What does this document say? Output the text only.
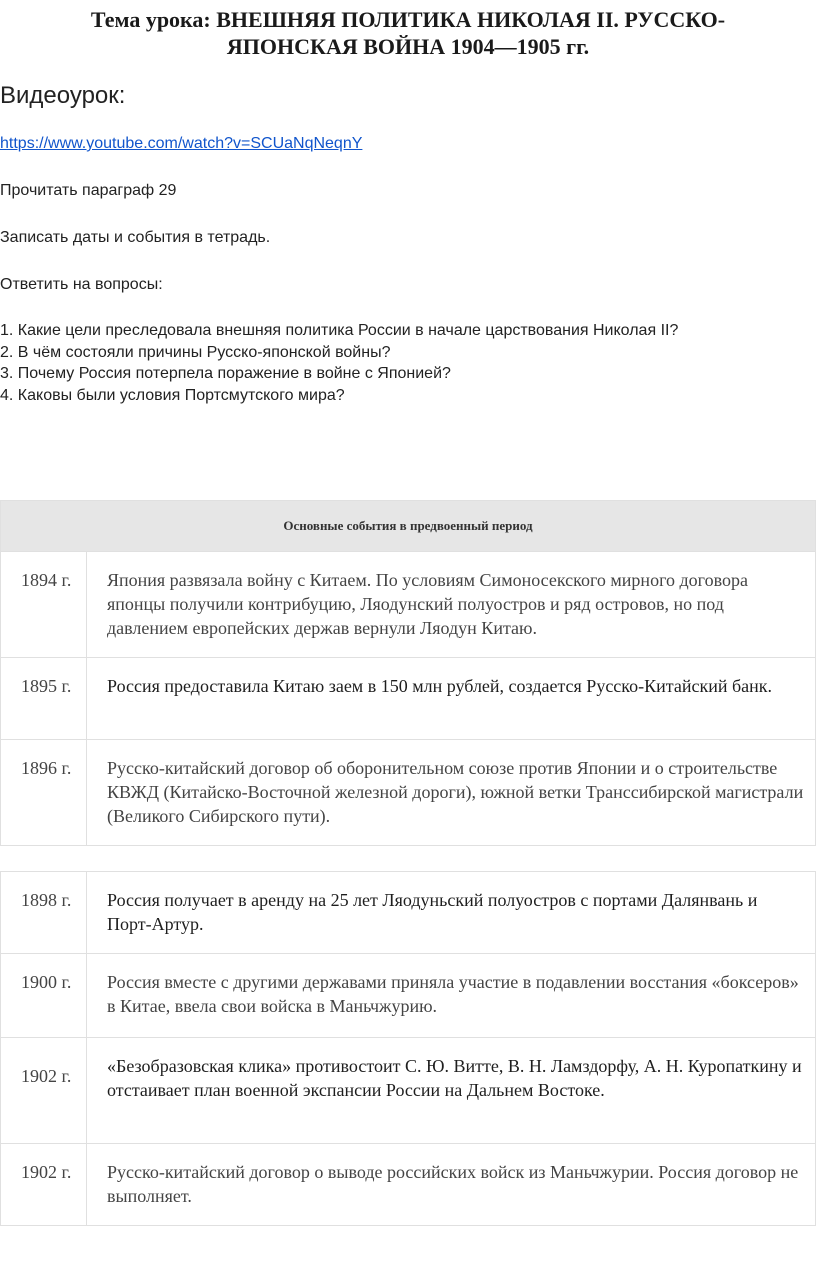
Тема урока: ВНЕШНЯЯ ПОЛИТИКА НИКОЛАЯ II. РУССКО-
ЯПОНСКАЯ ВОЙНА 1904—1905 гг.
Видеоурок:
https://www.youtube.com/watch?v=SCUaNqNeqnY
Прочитать параграф 29
Записать даты и события в тетрадь.
Ответить на вопросы:
1. Какие цели преследовала внешняя политика России в начале царствования Николая II?
2. В чём состояли причины Русско-японской войны?
3. Почему Россия потерпела поражение в войне с Японией?
4. Каковы были условия Портсмутского мира?
Основные события в предвоенный период	
1894 г.	Япония развязала войну с Китаем. По условиям Симоносекского мирного договора японцы получили контрибуцию, Ляодунский полуостров и ряд островов, но под давлением европейских держав вернули Ляодун Китаю.
1895 г.	Россия предоставила Китаю заем в 150 млн рублей, создается Русско-Китайский банк.
1896 г.	Русско-китайский договор об оборонительном союзе против Японии и о строительстве КВЖД (Китайско-Восточной железной дороги), южной ветки Транссибирской магистрали (Великого Сибирского пути).
1898 г.	Россия получает в аренду на 25 лет Ляодуньский полуостров с портами Далянвань и Порт-Артур.
1900 г.	Россия вместе с другими державами приняла участие в подавлении восстания «боксеров» в Китае, ввела свои войска в Маньчжурию.
1902 г.	«Безобразовская клика» противостоит С. Ю. Витте, В. Н. Ламздорфу, А. Н. Куропаткину и отстаивает план военной экспансии России на Дальнем Востоке.
1902 г.	Русско-китайский договор о выводе российских войск из Маньчжурии. Россия договор не выполняет.
